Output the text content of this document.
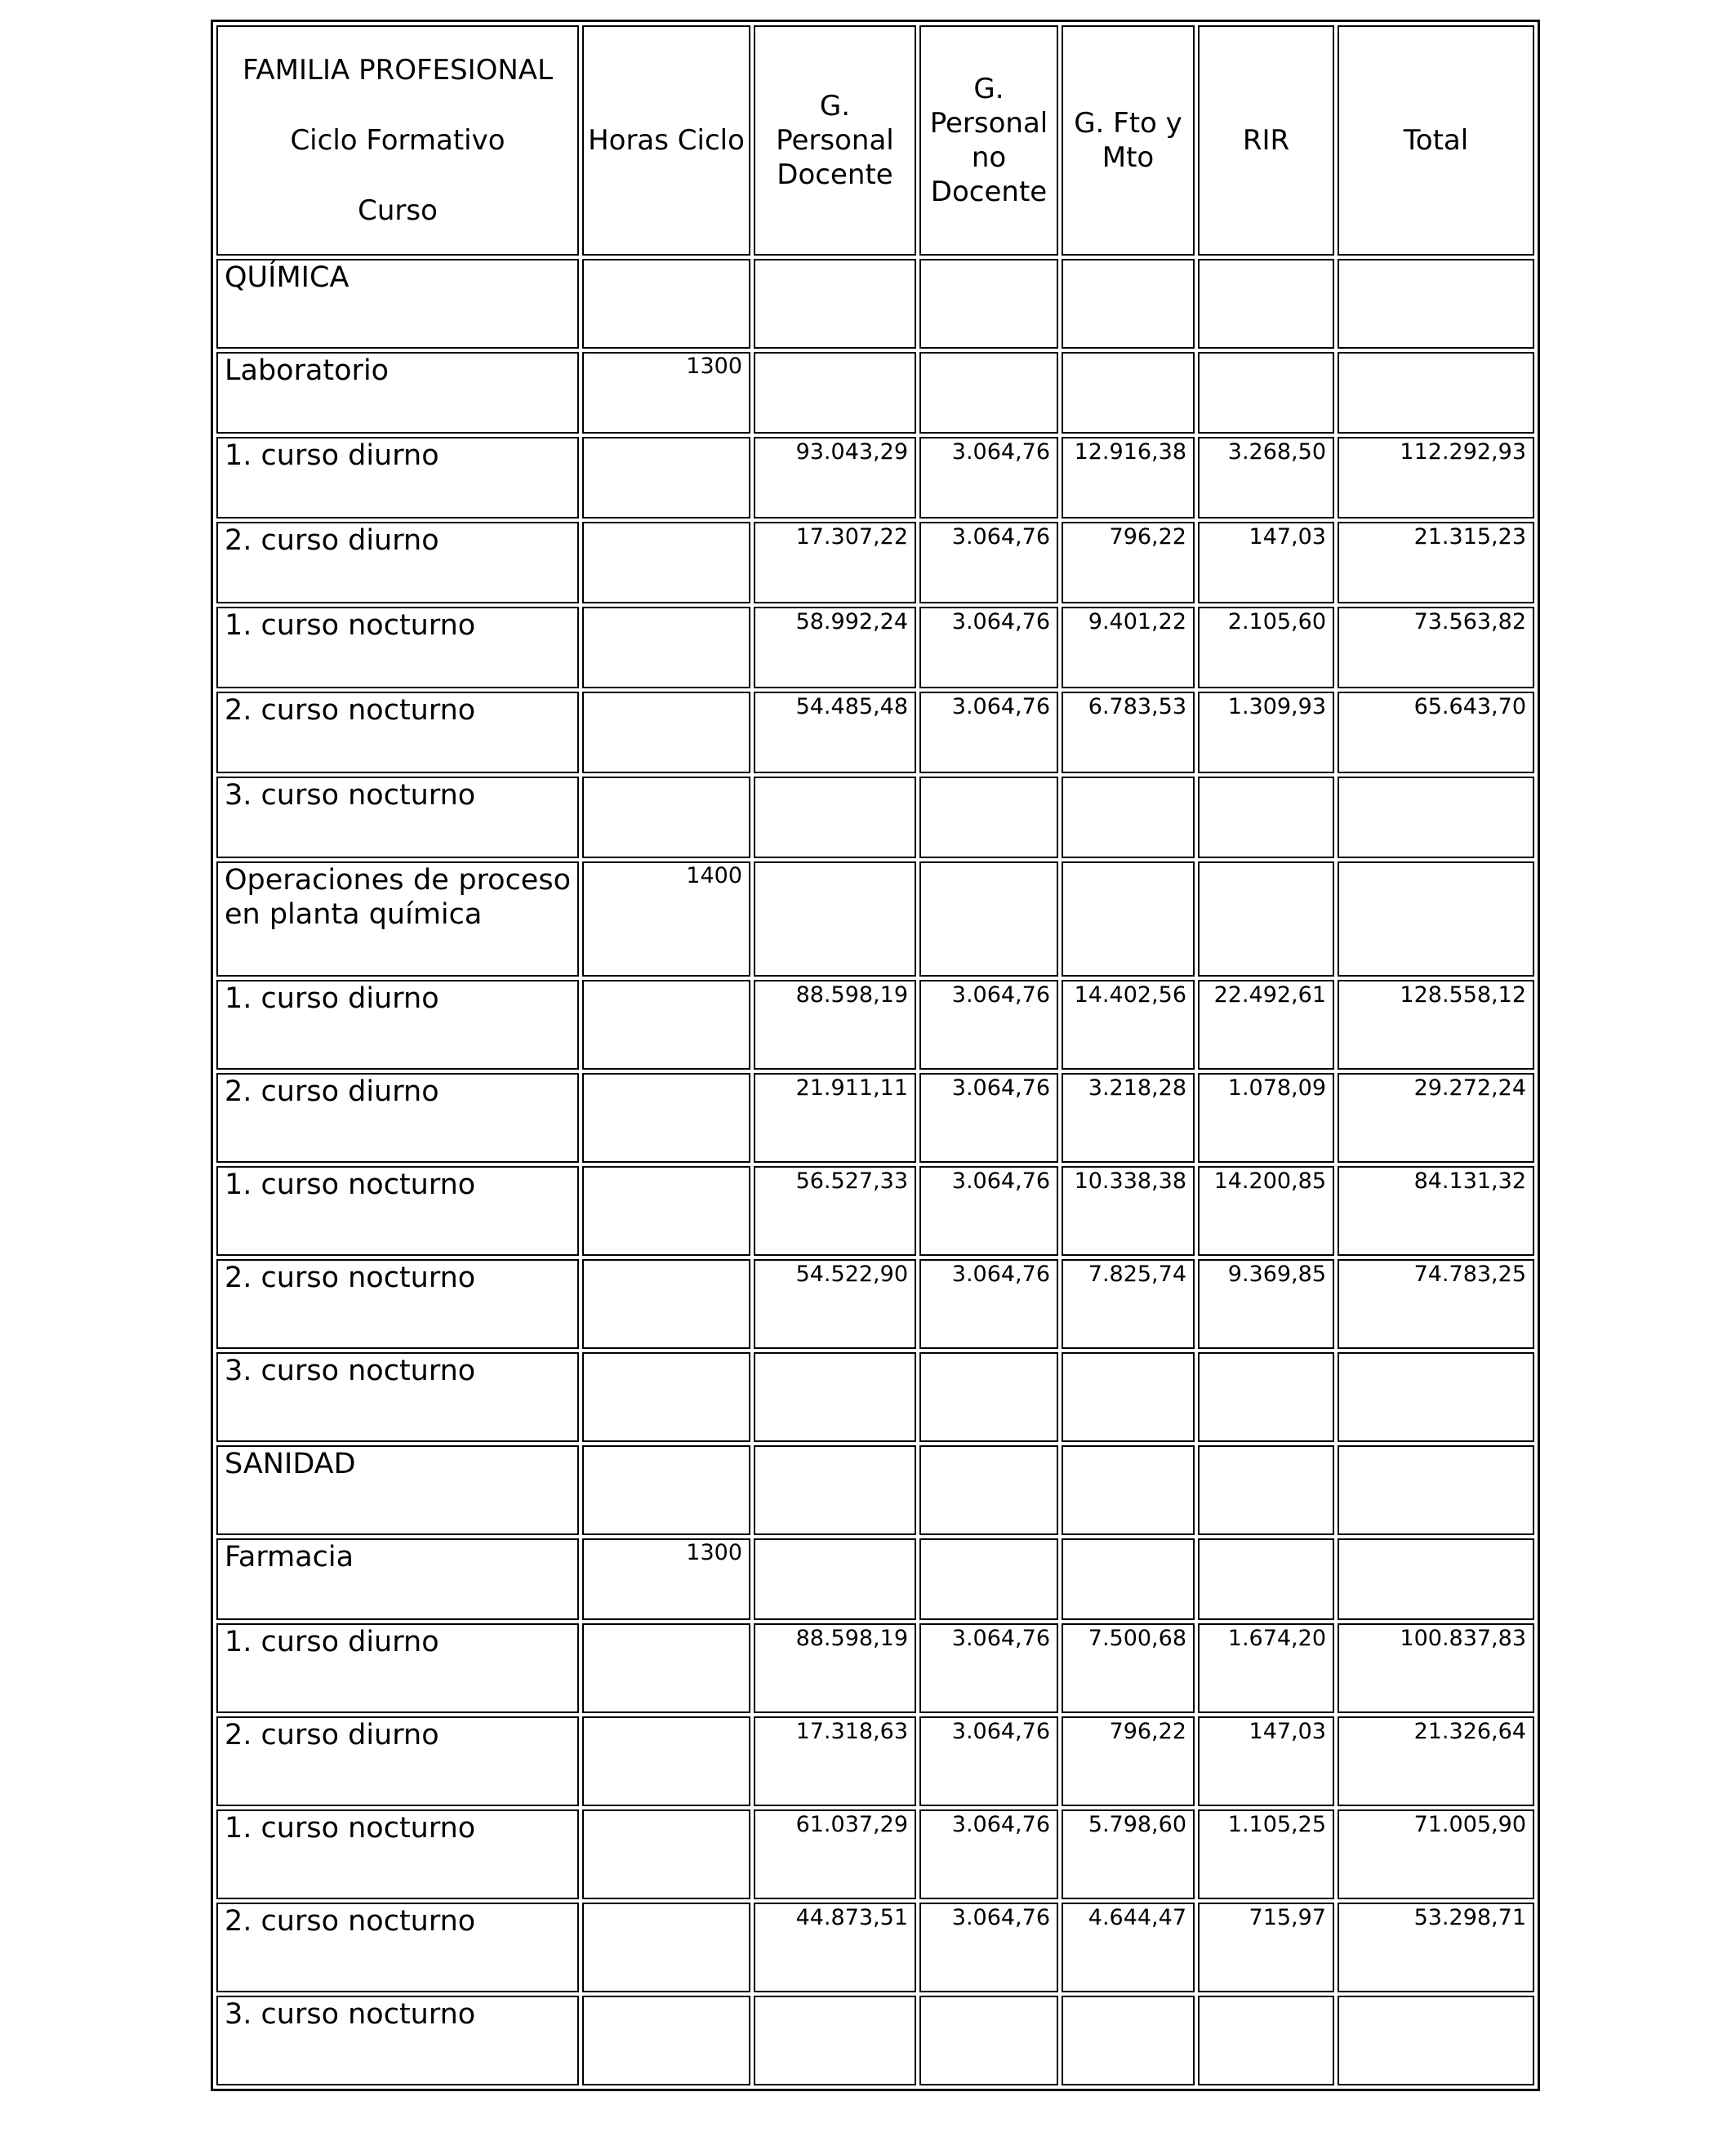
FAMILIA PROFESIONAL
Ciclo Formativo
Curso	Horas Ciclo	G. Personal Docente	G. Personal no Docente	G. Fto y Mto	RIR	Total
QUÍMICA						
Laboratorio	1300					
1. curso diurno		93.043,29	3.064,76	12.916,38	3.268,50	112.292,93
2. curso diurno		17.307,22	3.064,76	796,22	147,03	21.315,23
1. curso nocturno		58.992,24	3.064,76	9.401,22	2.105,60	73.563,82
2. curso nocturno		54.485,48	3.064,76	6.783,53	1.309,93	65.643,70
3. curso nocturno						
Operaciones de proceso en planta química	1400					
1. curso diurno		88.598,19	3.064,76	14.402,56	22.492,61	128.558,12
2. curso diurno		21.911,11	3.064,76	3.218,28	1.078,09	29.272,24
1. curso nocturno		56.527,33	3.064,76	10.338,38	14.200,85	84.131,32
2. curso nocturno		54.522,90	3.064,76	7.825,74	9.369,85	74.783,25
3. curso nocturno						
SANIDAD						
Farmacia	1300					
1. curso diurno		88.598,19	3.064,76	7.500,68	1.674,20	100.837,83
2. curso diurno		17.318,63	3.064,76	796,22	147,03	21.326,64
1. curso nocturno		61.037,29	3.064,76	5.798,60	1.105,25	71.005,90
2. curso nocturno		44.873,51	3.064,76	4.644,47	715,97	53.298,71
3. curso nocturno						
